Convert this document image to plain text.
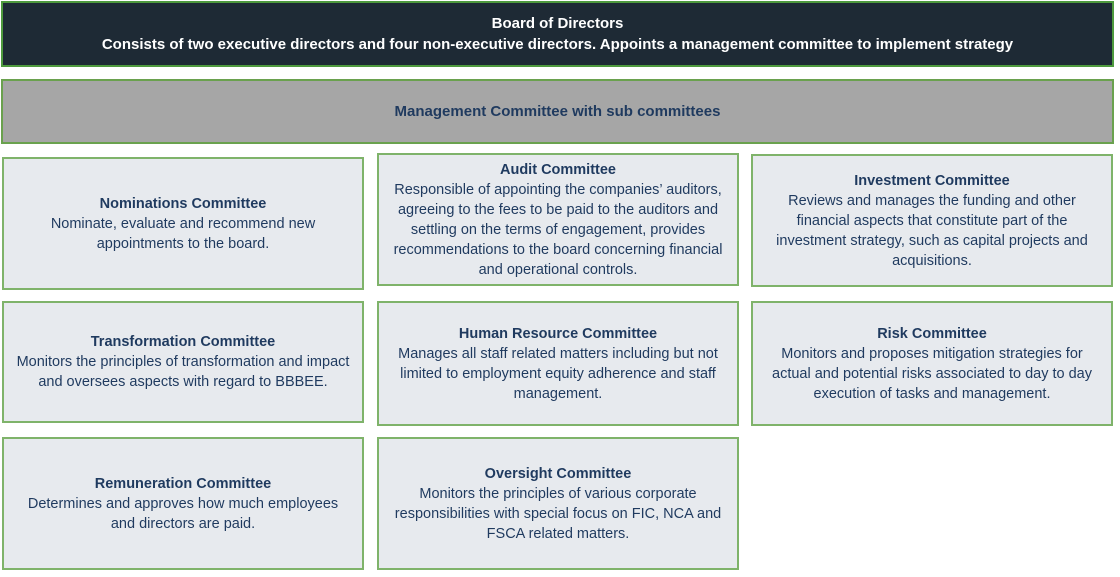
Board of Directors
Consists of two executive directors and four non-executive directors. Appoints a management committee to implement strategy
Management Committee with sub committees
Nominations Committee
Nominate, evaluate and recommend new appointments to the board.
Audit Committee
Responsible of appointing the companies’ auditors, agreeing to the fees to be paid to the auditors and settling on the terms of engagement, provides recommendations to the board concerning financial and operational controls.
Investment Committee
Reviews and manages the funding and other financial aspects that constitute part of the investment strategy, such as capital projects and acquisitions.
Transformation Committee
Monitors the principles of transformation and impact and oversees aspects with regard to BBBEE.
Human Resource Committee
Manages all staff related matters including but not limited to employment equity adherence and staff management.
Risk Committee
Monitors and proposes mitigation strategies for actual and potential risks associated to day to day execution of tasks and management.
Remuneration Committee
Determines and approves how much employees and directors are paid.
Oversight Committee
Monitors the principles of various corporate responsibilities with special focus on FIC, NCA and FSCA related matters.
